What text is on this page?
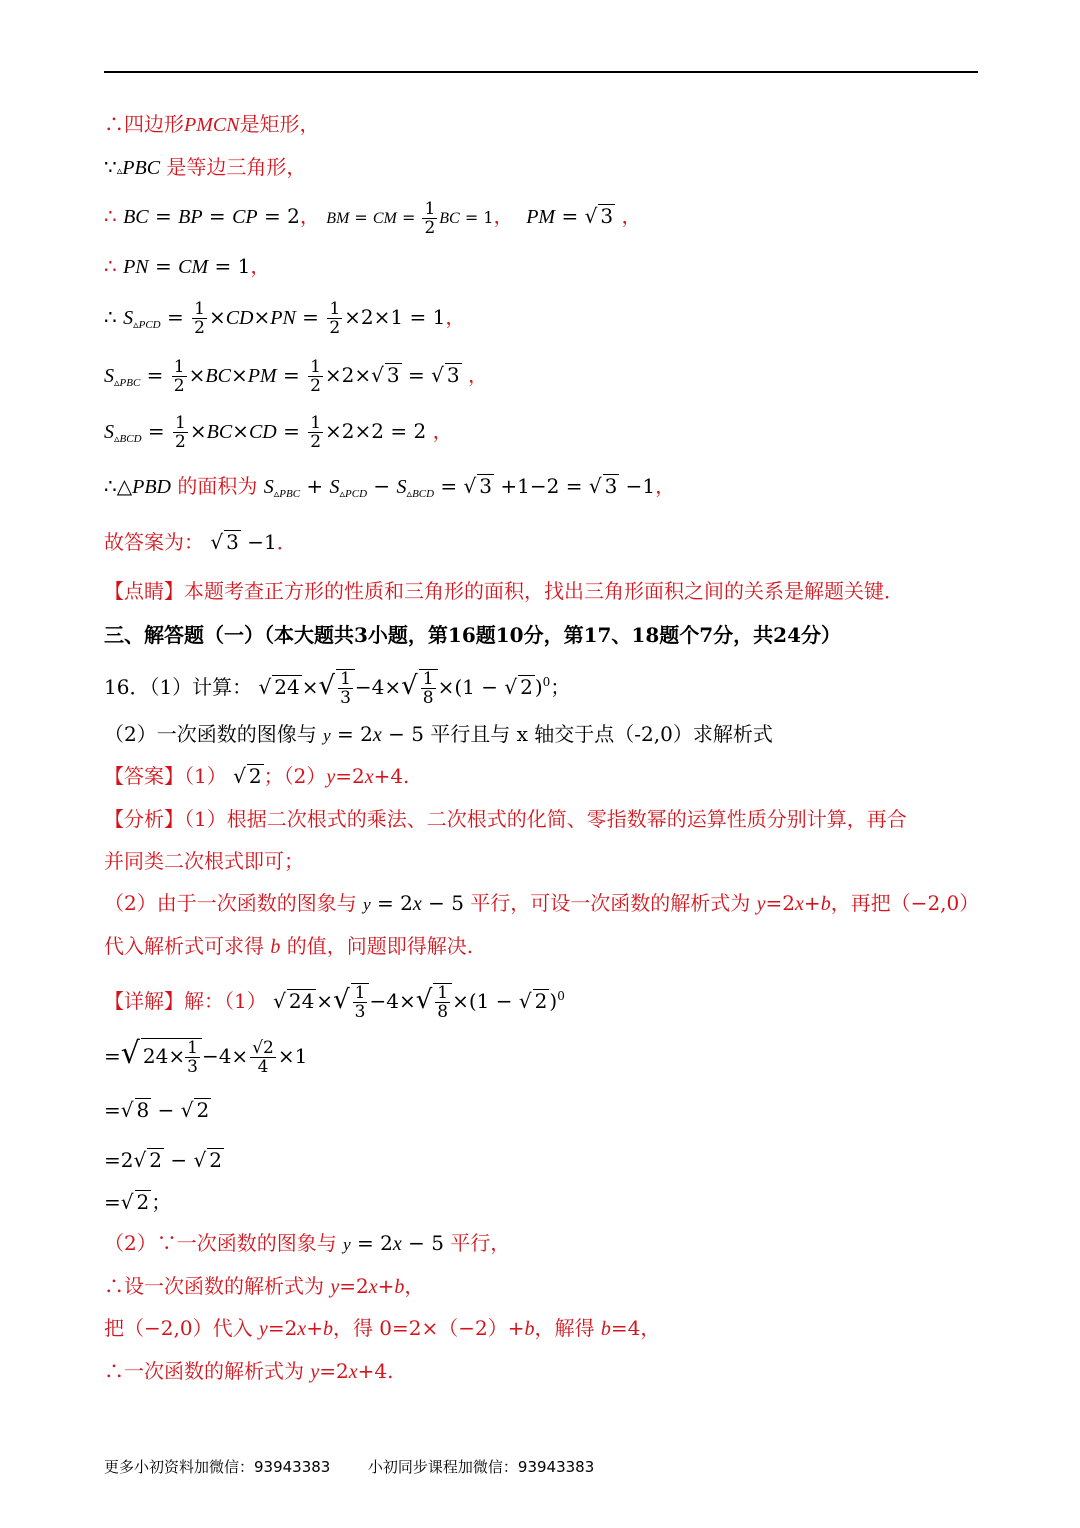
∴四边形PMCN是矩形，
∵▵PBC 是等边三角形，
∴ BC = BP = CP = 2， BM = CM = $\frac{1}{2}$ BC = 1， PM = √ 3 ，
∴ PN = CM = 1，
∴ $S_{▵PCD} = \frac{1}{2} \times CD\times PN = \frac{1}{2} \times 2\times 1 = 1$，
$S_{▵PBC} = \frac{1}{2} \times BC\times PM = \frac{1}{2} \times 2\times√$ 3 = √ 3 ，
$S_{▵BCD} = \frac{1}{2} \times BC\times CD = \frac{1}{2} \times 2\times 2 = 2$ ，
∴△PBD 的面积为 $S_{▵PBC} + S_{▵PCD} - S_{▵BCD}$ = √ 3 +1−2 = √ 3 −1，
故答案为： √ 3 −1．
【点睛】本题考查正方形的性质和三角形的面积，找出三角形面积之间的关系是解题关键．
三、解答题（一）（本大题共3小题，第16题10分，第17、18题个7分，共24分）
16．（1）计算： √ 24 ×√ $\frac{1}{3} -4\times√ \frac{1}{8} \times(1$ − √ 2 )$^0$；
（2）一次函数的图像与 y = 2x − 5 平行且与 x 轴交于点（-2,0）求解析式
【答案】（1） √ 2 ；（2）y=2x+4.
【分析】（1）根据二次根式的乘法、二次根式的化简、零指数幂的运算性质分别计算，再合
并同类二次根式即可；
（2）由于一次函数的图象与 y = 2x − 5 平行，可设一次函数的解析式为 y=2x+b，再把（−2,0）
代入解析式可求得 b 的值，问题即得解决.
【详解】解：（1） √ 24 ×√ $\frac{1}{3} -4\times√ \frac{1}{8} \times(1$ − √ 2 )$^0$
=√ $24\times \frac{1}{3} -4\times \frac{√2}{4} \times 1$
=√ 8 − √ 2
=2√ 2 − √ 2
=√ 2 ；
（2）∵一次函数的图象与 y = 2x − 5 平行，
∴设一次函数的解析式为 y=2x+b，
把（−2,0）代入 y=2x+b，得 0=2×（−2）+b，解得 b=4，
∴一次函数的解析式为 y=2x+4.
更多小初资料加微信：93943383	小初同步课程加微信：93943383
